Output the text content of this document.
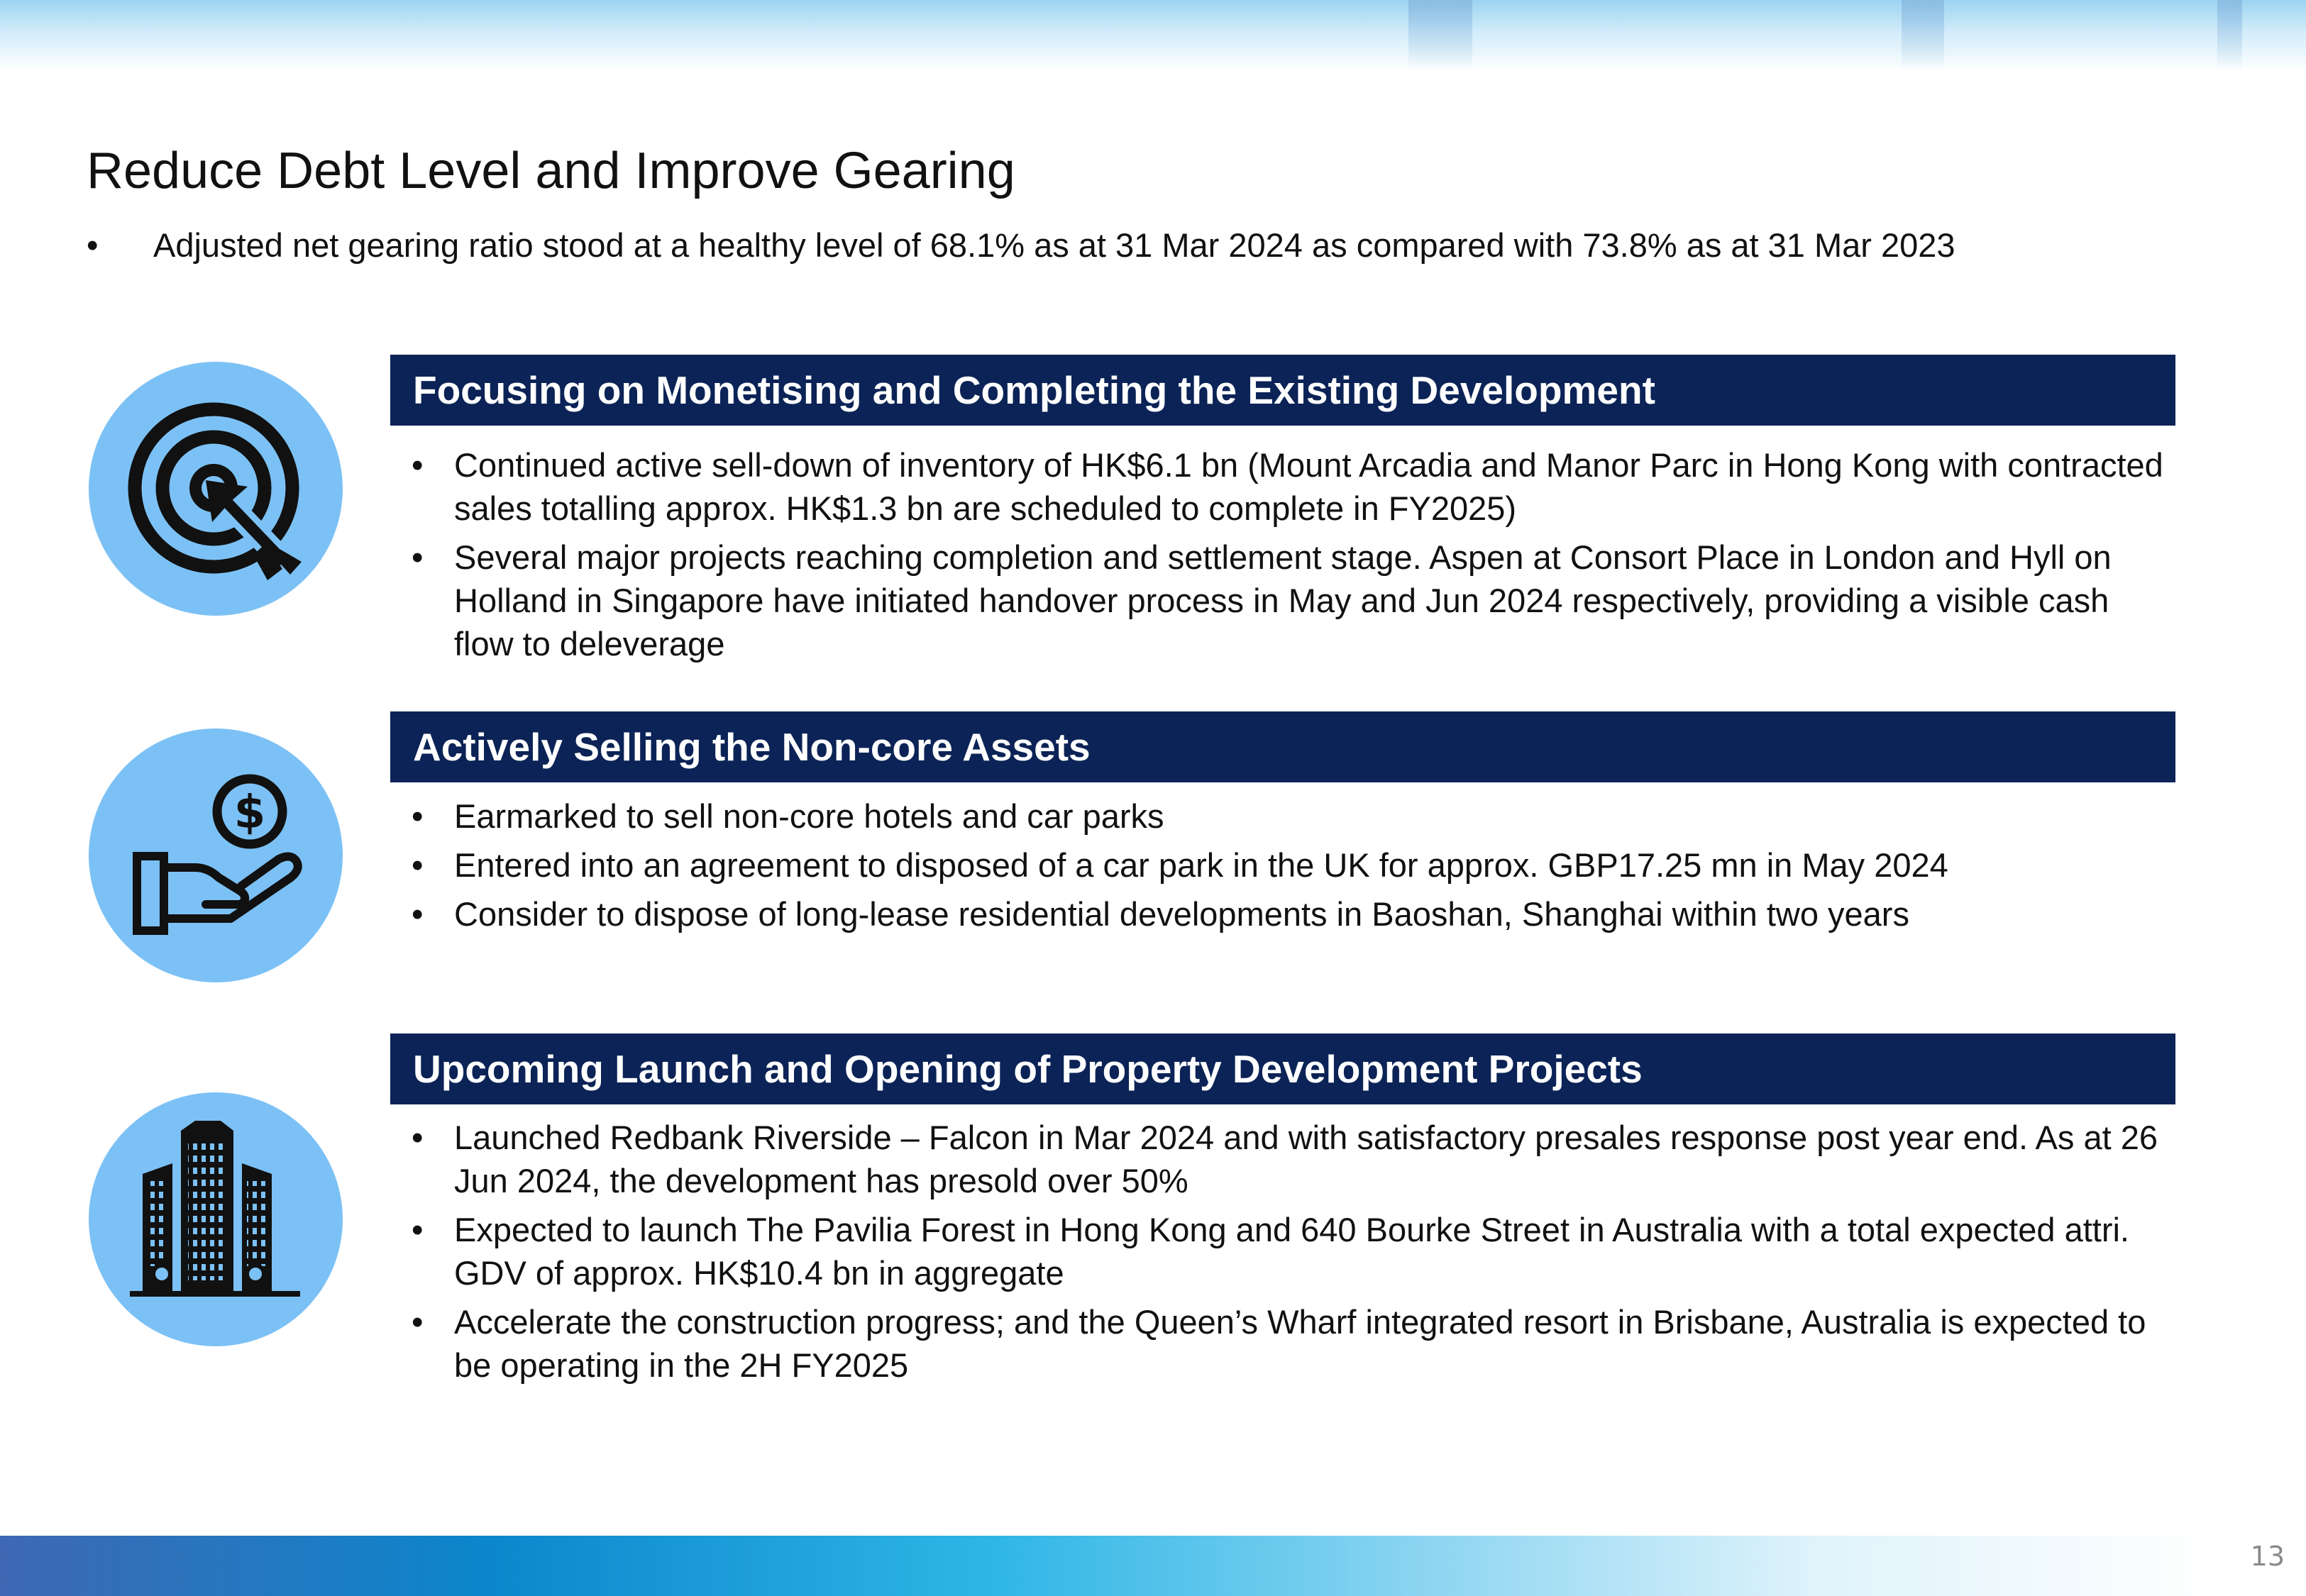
Reduce Debt Level and Improve Gearing
•	Adjusted net gearing ratio stood at a healthy level of 68.1% as at 31 Mar 2024 as compared with 73.8% as at 31 Mar 2023
Focusing on Monetising and Completing the Existing Development
• Continued active sell-down of inventory of HK$6.1 bn (Mount Arcadia and Manor Parc in Hong Kong with contracted sales totalling approx. HK$1.3 bn are scheduled to complete in FY2025)
• Several major projects reaching completion and settlement stage. Aspen at Consort Place in London and Hyll on Holland in Singapore have initiated handover process in May and Jun 2024 respectively, providing a visible cash flow to deleverage
$
Actively Selling the Non-core Assets
• Earmarked to sell non-core hotels and car parks
• Entered into an agreement to disposed of a car park in the UK for approx. GBP17.25 mn in May 2024
• Consider to dispose of long-lease residential developments in Baoshan, Shanghai within two years
Upcoming Launch and Opening of Property Development Projects
• Launched Redbank Riverside – Falcon in Mar 2024 and with satisfactory presales response post year end. As at 26 Jun 2024, the development has presold over 50%
• Expected to launch The Pavilia Forest in Hong Kong and 640 Bourke Street in Australia with a total expected attri. GDV of approx. HK$10.4 bn in aggregate
• Accelerate the construction progress; and the Queen’s Wharf integrated resort in Brisbane, Australia is expected to be operating in the 2H FY2025
13
